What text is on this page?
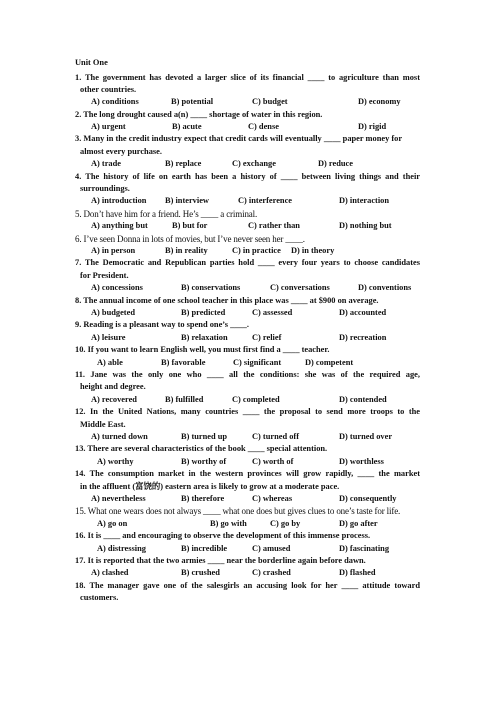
Unit One
1. The government has devoted a larger slice of its financial ____ to agriculture than most
other countries.
A) conditions	B) potential	C) budget	D) economy
2. The long drought caused a(n) ____ shortage of water in this region.
A) urgent	B) acute	C) dense	D) rigid
3. Many in the credit industry expect that credit cards will eventually ____ paper money for
almost every purchase.
A) trade	B) replace	C) exchange	D) reduce
4. The history of life on earth has been a history of ____ between living things and their
surroundings.
A) introduction B) interview	C) interference	D) interaction
5. Don’t have him for a friend. He’s ____ a criminal.
A) anything but	B) but for	C) rather than	D) nothing but
6. I’ve seen Donna in lots of movies, but I’ve never seen her ____.
A) in person	B) in reality	C) in practice D) in theory
7. The Democratic and Republican parties hold ____ every four years to choose candidates
for President.
A) concessions	B) conservations	C) conversations	D) conventions
8. The annual income of one school teacher in this place was ____ at $900 on average.
A) budgeted	B) predicted	C) assessed	D) accounted
9. Reading is a pleasant way to spend one’s ____.
A) leisure	B) relaxation	C) relief	D) recreation
10. If you want to learn English well, you must first find a ____ teacher.
A) able	B) favorable	C) significant	D) competent
11. Jane was the only one who ____ all the conditions: she was of the required age,
height and degree.
A) recovered	B) fulfilled	C) completed	D) contended
12. In the United Nations, many countries ____ the proposal to send more troops to the
Middle East.
A) turned down	B) turned up	C) turned off	D) turned over
13. There are several characteristics of the book ____ special attention.
A) worthy	B) worthy of	C) worth of	D) worthless
14. The consumption market in the western provinces will grow rapidly, ____ the market
in the affluent (富饶的) eastern area is likely to grow at a moderate pace.
A) nevertheless	B) therefore	C) whereas	D) consequently
15. What one wears does not always ____ what one does but gives clues to one’s taste for life.
A) go on	B) go with	C) go by	D) go after
16. It is ____ and encouraging to observe the development of this immense process.
A) distressing	B) incredible	C) amused	D) fascinating
17. It is reported that the two armies ____ near the borderline again before dawn.
A) clashed	B) crushed	C) crashed	D) flashed
18. The manager gave one of the salesgirls an accusing look for her ____ attitude toward
customers.
